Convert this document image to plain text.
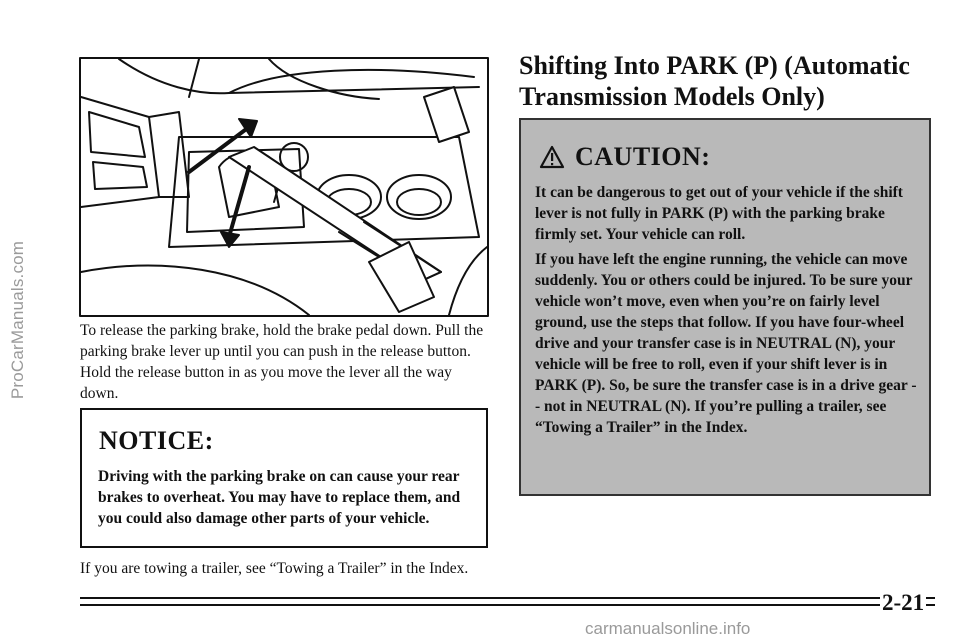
ProCarManuals.com	To release the parking brake, hold the brake pedal down. Pull the parking brake lever up until you can push in the release button. Hold the release button in as you move the lever all the way down.

NOTICE:

Driving with the parking brake on can cause your rear brakes to overheat. You may have to replace them, and you could also damage other parts of your vehicle.

If you are towing a trailer, see “Towing a Trailer” in the Index.

Shifting Into PARK (P) (Automatic Transmission Models Only)
CAUTION:

It can be dangerous to get out of your vehicle if the shift lever is not fully in PARK (P) with the parking brake firmly set. Your vehicle can roll.

If you have left the engine running, the vehicle can move suddenly. You or others could be injured. To be sure your vehicle won’t move, even when you’re on fairly level ground, use the steps that follow. If you have four-wheel drive and your transfer case is in NEUTRAL (N), your vehicle will be free to roll, even if your shift lever is in PARK (P). So, be sure the transfer case is in a drive gear -- not in NEUTRAL (N). If you’re pulling a trailer, see “Towing a Trailer” in the Index.

2-21
carmanualsonline.info
